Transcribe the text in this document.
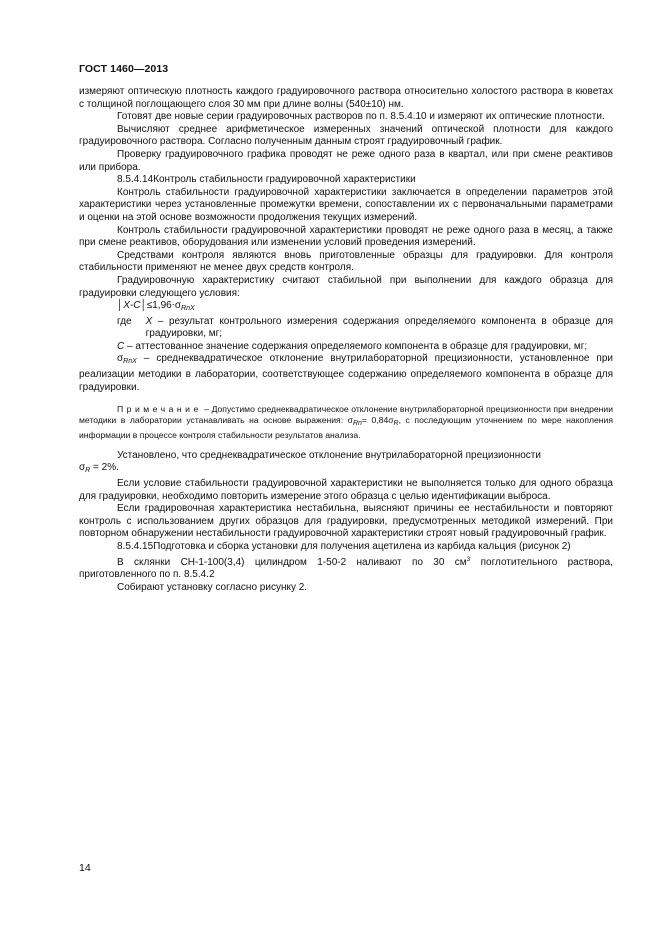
ГОСТ 1460—2013

измеряют оптическую плотность каждого градуировочного раствора относительно холостого раствора в кюветах с толщиной поглощающего слоя 30 мм при длине волны (540±10) нм.

Готовят две новые серии градуировочных растворов по п. 8.5.4.10 и измеряют их оптические плотности.

Вычисляют среднее арифметическое измеренных значений оптической плотности для каждого градуировочного раствора. Согласно полученным данным строят градуировочный график.

Проверку градуировочного графика проводят не реже одного раза в квартал, или при смене реактивов или прибора.

8.5.4.14Контроль стабильности градуировочной характеристики

Контроль стабильности градуировочной характеристики заключается в определении параметров этой характеристики через установленные промежутки времени, сопоставлении их с первоначальными параметрами и оценки на этой основе возможности продолжения текущих измерений.

Контроль стабильности градуировочной характеристики проводят не реже одного раза в месяц, а также при смене реактивов, оборудования или изменении условий проведения измерений.

Средствами контроля являются вновь приготовленные образцы для градуировки. Для контроля стабильности применяют не менее двух средств контроля.

Градуировочную характеристику считают стабильной при выполнении для каждого образца для градуировки следующего условия:

$│X-C│\le 1,96\cdot\sigma_{RnX}$

где	X – результат контрольного измерения содержания определяемого компонента в образце для градуировки, мг;

C – аттестованное значение содержания определяемого компонента в образце для градуировки, мг;

$\sigma_{RnX}$ – среднеквадратическое отклонение внутрилабораторной прецизионности, установленное при реализации методики в лаборатории, соответствующее содержанию определяемого компонента в образце для градуировки.

Примечание – Допустимо среднеквадратическое отклонение внутрилабораторной прецизионности при внедрении методики в лаборатории устанавливать на основе выражения: $\sigma_{Rn}= 0,84\sigma_R$, с последующим уточнением по мере накопления информации в процессе контроля стабильности результатов анализа.

Установлено, что среднеквадратическое отклонение внутрилабораторной прецизионности

$\sigma_R = 2\%$.

Если условие стабильности градуировочной характеристики не выполняется только для одного образца для градуировки, необходимо повторить измерение этого образца с целью идентификации выброса.

Если градировочная характеристика нестабильна, выясняют причины ее нестабильности и повторяют контроль с использованием других образцов для градуировки, предусмотренных методикой измерений. При повторном обнаружении нестабильности градуировочной характеристики строят новый градуировочный график.

8.5.4.15Подготовка и сборка установки для получения ацетилена из карбида кальция (рисунок 2)

В склянки СН-1-100(3,4) цилиндром 1-50-2 наливают по 30 $см^3$ поглотительного раствора, приготовленного по п. 8.5.4.2

Собирают установку согласно рисунку 2.

14
